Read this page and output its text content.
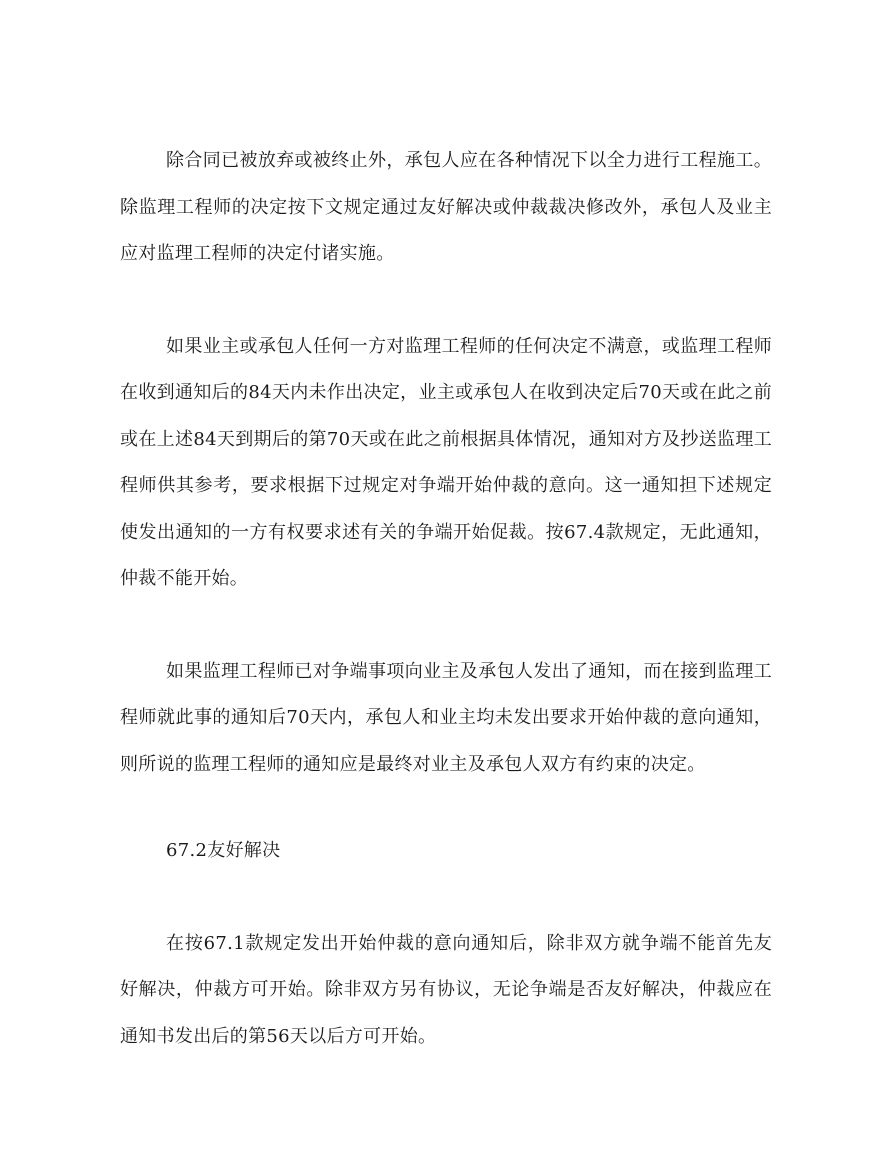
除合同已被放弃或被终止外，承包人应在各种情况下以全力进行工程施工。除监理工程师的决定按下文规定通过友好解决或仲裁裁决修改外，承包人及业主应对监理工程师的决定付诸实施。

如果业主或承包人任何一方对监理工程师的任何决定不满意，或监理工程师在收到通知后的84天内未作出决定，业主或承包人在收到决定后70天或在此之前或在上述84天到期后的第70天或在此之前根据具体情况，通知对方及抄送监理工程师供其参考，要求根据下过规定对争端开始仲裁的意向。这一通知担下述规定使发出通知的一方有权要求述有关的争端开始促裁。按67.4款规定，无此通知，仲裁不能开始。

如果监理工程师已对争端事项向业主及承包人发出了通知，而在接到监理工程师就此事的通知后70天内，承包人和业主均未发出要求开始仲裁的意向通知，则所说的监理工程师的通知应是最终对业主及承包人双方有约束的决定。

67.2友好解决

在按67.1款规定发出开始仲裁的意向通知后，除非双方就争端不能首先友好解决，仲裁方可开始。除非双方另有协议，无论争端是否友好解决，仲裁应在通知书发出后的第56天以后方可开始。
